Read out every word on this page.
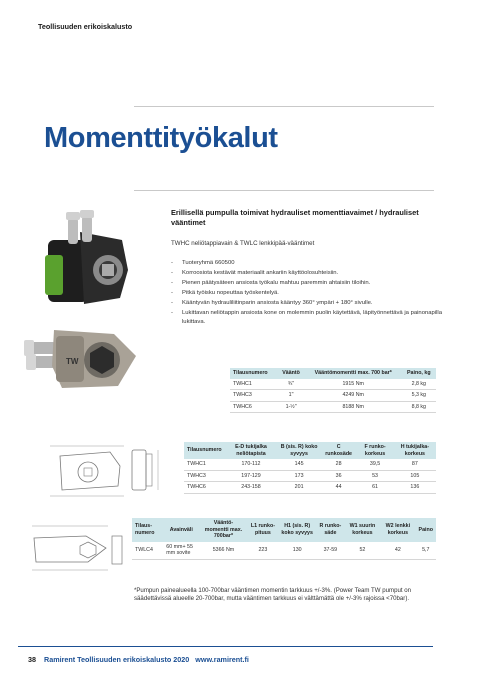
Teollisuuden erikoiskalusto
Momenttityökalut
TW
Erillisellä pumpulla toimivat hydrauliset momenttiavaimet / hydrauliset vääntimet
TWHC neliötappiavain & TWLC lenkkipää-vääntimet
- Tuoteryhmä 660500
- Korroosiota kestävät materiaalit ankariin käyttöolosuhteisiin.
- Pienen päätysäteen ansiosta työkalu mahtuu paremmin ahtaisiin tiloihin.
- Pitkä työisku nopeuttaa työskentelyä.
- Kääntyvän hydrauliliitinparin ansiosta kääntyy 360° ympäri + 180° sivulle.
- Lukittavan neliötappin ansiosta kone on molemmin puolin käytettävä, läpityönnettävä ja painonapilla lukittava.
Tilausnumero	Vääntö	Vääntömomentti max. 700 bar*	Paino, kg
TWHC1	¾"	1915 Nm	2,8 kg
TWHC3	1"	4249 Nm	5,3 kg
TWHC6	1-½"	8188 Nm	8,8 kg
Tilausnumero	E-D tukijalka neliötapista	B (sis. R) koko syvyys	C runkosäde	F runko-korkeus	H tukijalka-korkeus
TWHC1	170-112	145	28	39,5	87
TWHC3	197-129	173	36	53	105
TWHC6	243-158	201	44	61	136
Tilaus-numero	Avainväli	Vääntö-momentti max. 700bar*	L1 runko-pituus	H1 (sis. R) koko syvyys	R runko-säde	W1 suurin korkeus	W2 lenkki korkeus	Paino
TWLC4	60 mm+ 55 mm sovite	5366 Nm	223	130	37-59	52	42	5,7
*Pumpun painealueella 100-700bar vääntimen momentin tarkkuus +/-3%. (Power Team TW pumput on säädettävissä alueelle 20-700bar, mutta vääntimen tarkkuus ei välttämättä ole +/-3% rajoissa <70bar).
38 Ramirent Teollisuuden erikoiskalusto 2020 www.ramirent.fi
